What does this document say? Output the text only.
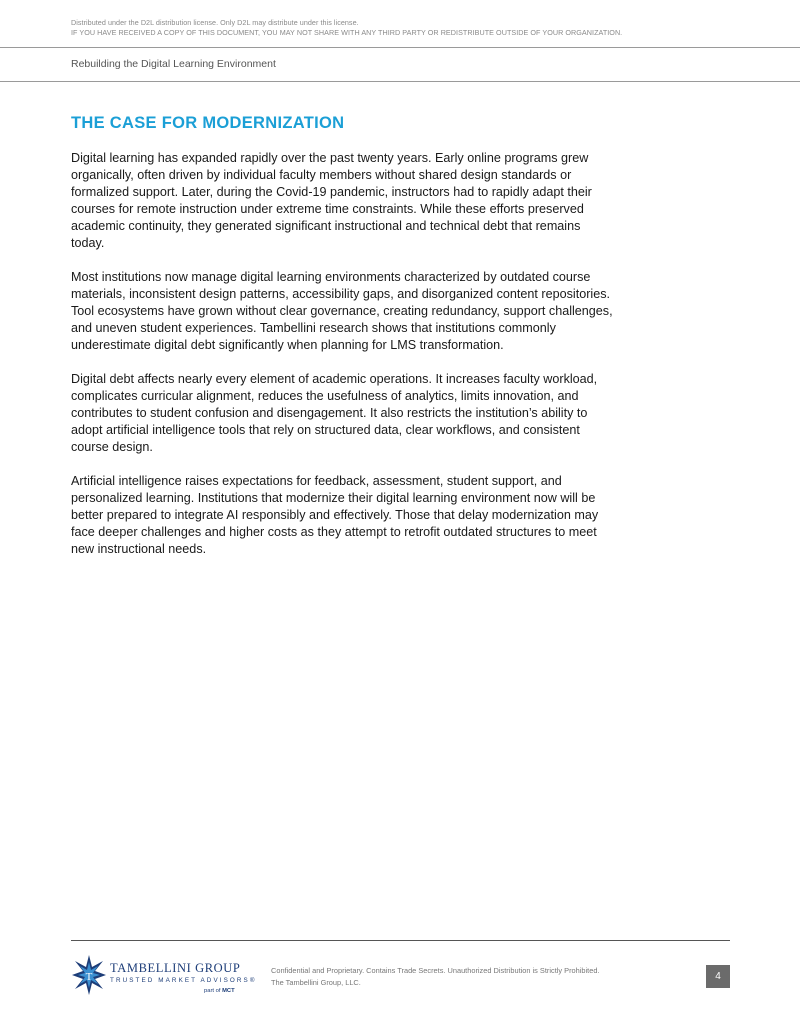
Distributed under the D2L distribution license. Only D2L may distribute under this license.
IF YOU HAVE RECEIVED A COPY OF THIS DOCUMENT, YOU MAY NOT SHARE WITH ANY THIRD PARTY OR REDISTRIBUTE OUTSIDE OF YOUR ORGANIZATION.
Rebuilding the Digital Learning Environment
THE CASE FOR MODERNIZATION

Digital learning has expanded rapidly over the past twenty years. Early online programs grew organically, often driven by individual faculty members without shared design standards or formalized support. Later, during the Covid-19 pandemic, instructors had to rapidly adapt their courses for remote instruction under extreme time constraints. While these efforts preserved academic continuity, they generated significant instructional and technical debt that remains today.

Most institutions now manage digital learning environments characterized by outdated course materials, inconsistent design patterns, accessibility gaps, and disorganized content repositories. Tool ecosystems have grown without clear governance, creating redundancy, support challenges, and uneven student experiences. Tambellini research shows that institutions commonly underestimate digital debt significantly when planning for LMS transformation.

Digital debt affects nearly every element of academic operations. It increases faculty workload, complicates curricular alignment, reduces the usefulness of analytics, limits innovation, and contributes to student confusion and disengagement. It also restricts the institution’s ability to adopt artificial intelligence tools that rely on structured data, clear workflows, and consistent course design.

Artificial intelligence raises expectations for feedback, assessment, student support, and personalized learning. Institutions that modernize their digital learning environment now will be better prepared to integrate AI responsibly and effectively. Those that delay modernization may face deeper challenges and higher costs as they attempt to retrofit outdated structures to meet new instructional needs.

T
TAMBELLINI GROUP
TRUSTED MARKET ADVISORS®
part of MCT
Confidential and Proprietary. Contains Trade Secrets. Unauthorized Distribution is Strictly Prohibited.
The Tambellini Group, LLC.
4
